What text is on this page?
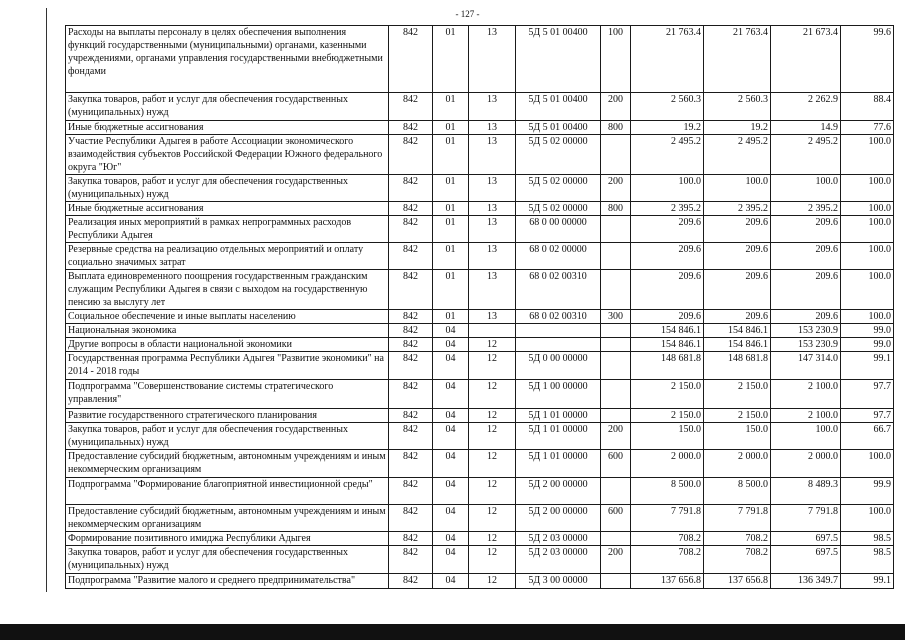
- 127 -
Расходы на выплаты персоналу в целях обеспечения выполнения функций государственными (муниципальными) органами, казенными учреждениями, органами управления государственными внебюджетными фондами	842	01	13	5Д 5 01 00400	100	21 763.4	21 763.4	21 673.4	99.6
Закупка товаров, работ и услуг для обеспечения государственных (муниципальных) нужд	842	01	13	5Д 5 01 00400	200	2 560.3	2 560.3	2 262.9	88.4
Иные бюджетные ассигнования	842	01	13	5Д 5 01 00400	800	19.2	19.2	14.9	77.6
Участие Республики Адыгея в работе Ассоциации экономического взаимодействия субъектов Российской Федерации Южного федерального округа "Юг"	842	01	13	5Д 5 02 00000		2 495.2	2 495.2	2 495.2	100.0
Закупка товаров, работ и услуг для обеспечения государственных (муниципальных) нужд	842	01	13	5Д 5 02 00000	200	100.0	100.0	100.0	100.0
Иные бюджетные ассигнования	842	01	13	5Д 5 02 00000	800	2 395.2	2 395.2	2 395.2	100.0
Реализация иных мероприятий в рамках непрограммных расходов Республики Адыгея	842	01	13	68 0 00 00000		209.6	209.6	209.6	100.0
Резервные средства на реализацию отдельных мероприятий и оплату социально значимых затрат	842	01	13	68 0 02 00000		209.6	209.6	209.6	100.0
Выплата единовременного поощрения государственным гражданским служащим Республики Адыгея в связи с выходом на государственную пенсию за выслугу лет	842	01	13	68 0 02 00310		209.6	209.6	209.6	100.0
Социальное обеспечение и иные выплаты населению	842	01	13	68 0 02 00310	300	209.6	209.6	209.6	100.0
Национальная экономика	842	04				154 846.1	154 846.1	153 230.9	99.0
Другие вопросы в области национальной экономики	842	04	12			154 846.1	154 846.1	153 230.9	99.0
Государственная программа Республики Адыгея "Развитие экономики" на 2014 - 2018 годы	842	04	12	5Д 0 00 00000		148 681.8	148 681.8	147 314.0	99.1
Подпрограмма "Совершенствование системы стратегического управления"	842	04	12	5Д 1 00 00000		2 150.0	2 150.0	2 100.0	97.7
Развитие государственного стратегического планирования	842	04	12	5Д 1 01 00000		2 150.0	2 150.0	2 100.0	97.7
Закупка товаров, работ и услуг для обеспечения государственных (муниципальных) нужд	842	04	12	5Д 1 01 00000	200	150.0	150.0	100.0	66.7
Предоставление субсидий бюджетным, автономным учреждениям и иным некоммерческим организациям	842	04	12	5Д 1 01 00000	600	2 000.0	2 000.0	2 000.0	100.0
Подпрограмма "Формирование благоприятной инвестиционной среды"	842	04	12	5Д 2 00 00000		8 500.0	8 500.0	8 489.3	99.9
Предоставление субсидий бюджетным, автономным учреждениям и иным некоммерческим организациям	842	04	12	5Д 2 00 00000	600	7 791.8	7 791.8	7 791.8	100.0
Формирование позитивного имиджа Республики Адыгея	842	04	12	5Д 2 03 00000		708.2	708.2	697.5	98.5
Закупка товаров, работ и услуг для обеспечения государственных (муниципальных) нужд	842	04	12	5Д 2 03 00000	200	708.2	708.2	697.5	98.5
Подпрограмма "Развитие малого и среднего предпринимательства"	842	04	12	5Д 3 00 00000		137 656.8	137 656.8	136 349.7	99.1
